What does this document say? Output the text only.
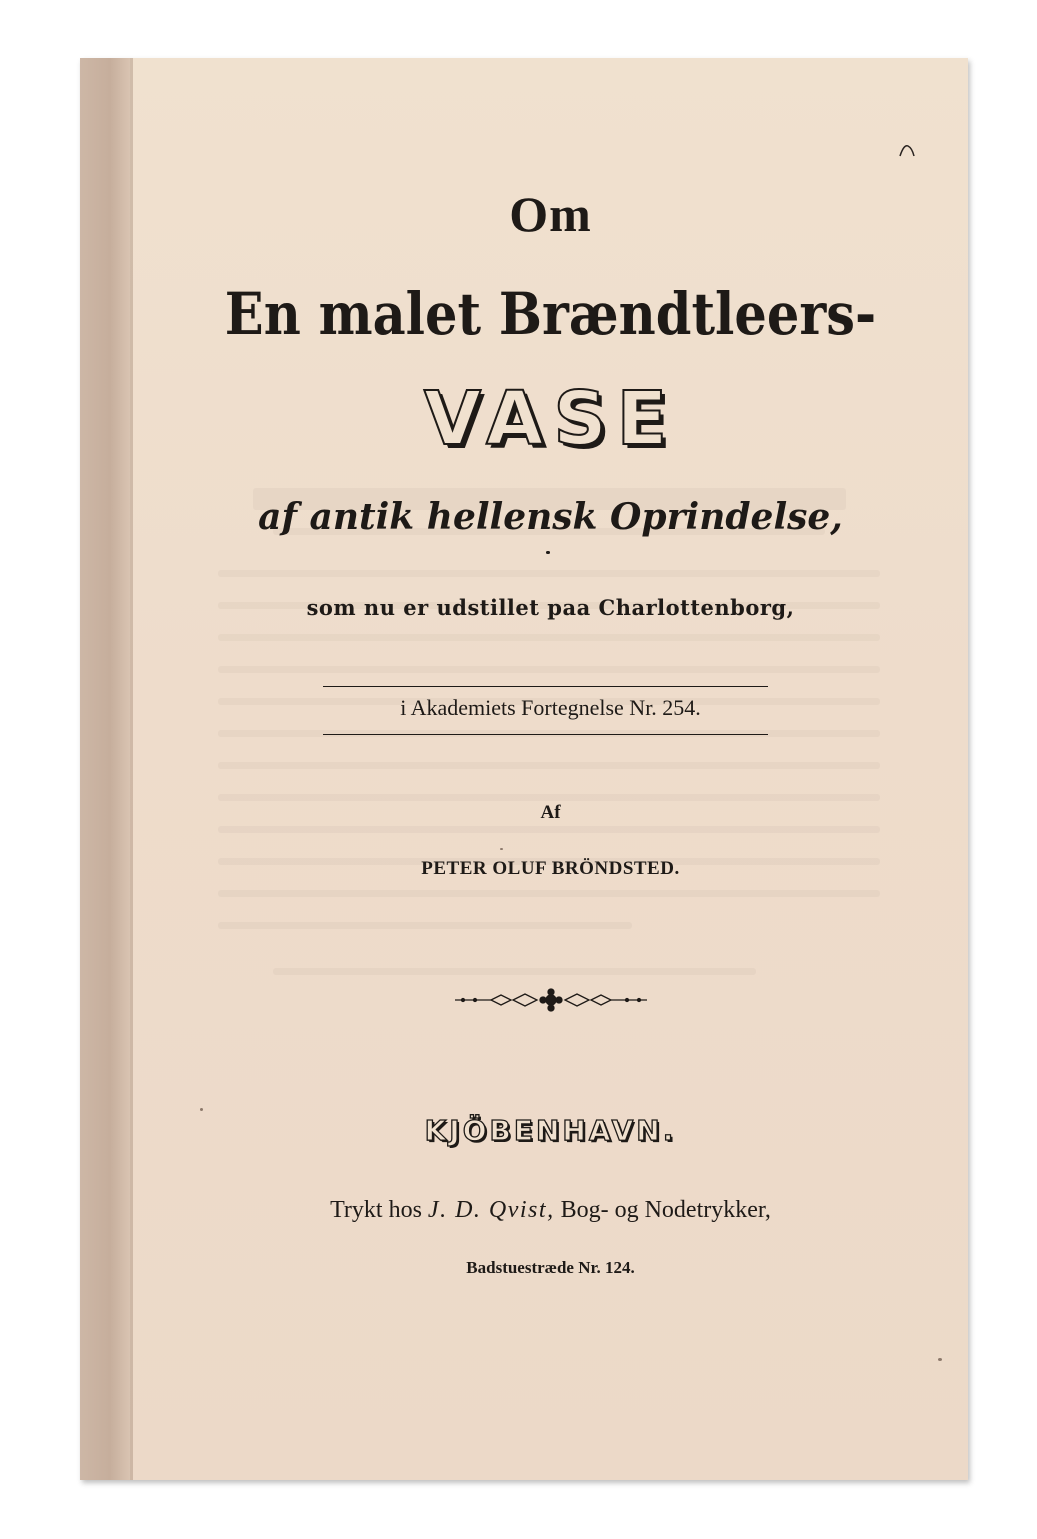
Om

En malet Brændtleers-

VASE

af antik hellensk Oprindelse,

som nu er udstillet paa Charlottenborg,

i Akademiets Fortegnelse Nr. 254.

Af

PETER OLUF BRÖNDSTED.

KJÖBENHAVN.

Trykt hos J. D. Qvist, Bog- og Nodetrykker,

Badstuestræde Nr. 124.
